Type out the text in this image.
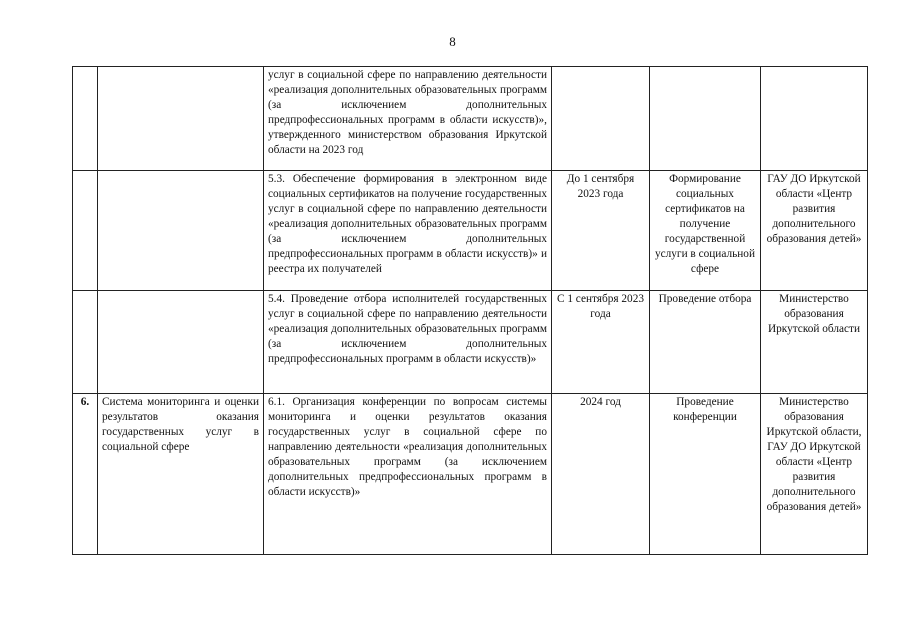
8
		услуг в социальной сфере по направлению деятельности «реализация дополнительных образовательных программ (за исключением дополнительных предпрофессиональных программ в области искусств)», утвержденного министерством образования Иркутской области на 2023 год			
		5.3. Обеспечение формирования в электронном виде социальных сертификатов на получение государственных услуг в социальной сфере по направлению деятельности «реализация дополнительных образовательных программ (за исключением дополнительных предпрофессиональных программ в области искусств)» и реестра их получателей	До 1 сентября 2023 года	Формирование социальных сертификатов на получение государственной услуги в социальной сфере	ГАУ ДО Иркутской области «Центр развития дополнительного образования детей»
		5.4. Проведение отбора исполнителей государственных услуг в социальной сфере по направлению деятельности «реализация дополнительных образовательных программ (за исключением дополнительных предпрофессиональных программ в области искусств)»	С 1 сентября 2023 года	Проведение отбора	Министерство образования Иркутской области
6.	Система мониторинга и оценки результатов оказания государственных услуг в социальной сфере	6.1. Организация конференции по вопросам системы мониторинга и оценки результатов оказания государственных услуг в социальной сфере по направлению деятельности «реализация дополнительных образовательных программ (за исключением дополнительных предпрофессиональных программ в области искусств)»	2024 год	Проведение конференции	Министерство образования Иркутской области, ГАУ ДО Иркутской области «Центр развития дополнительного образования детей»
